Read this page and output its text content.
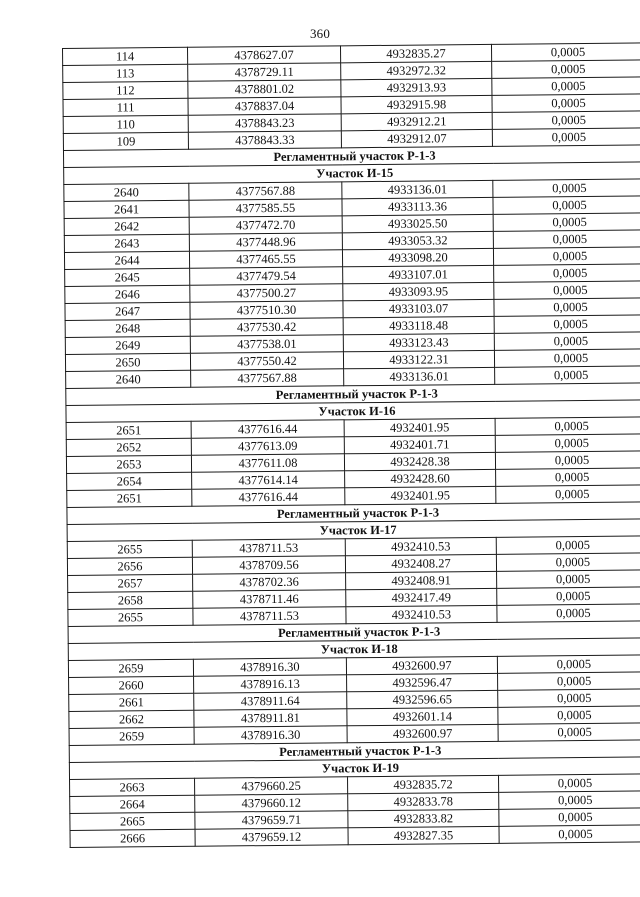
360
114	4378627.07	4932835.27	0,0005
113	4378729.11	4932972.32	0,0005
112	4378801.02	4932913.93	0,0005
111	4378837.04	4932915.98	0,0005
110	4378843.23	4932912.21	0,0005
109	4378843.33	4932912.07	0,0005
Регламентный участок Р-1-3			
Участок И-15			
2640	4377567.88	4933136.01	0,0005
2641	4377585.55	4933113.36	0,0005
2642	4377472.70	4933025.50	0,0005
2643	4377448.96	4933053.32	0,0005
2644	4377465.55	4933098.20	0,0005
2645	4377479.54	4933107.01	0,0005
2646	4377500.27	4933093.95	0,0005
2647	4377510.30	4933103.07	0,0005
2648	4377530.42	4933118.48	0,0005
2649	4377538.01	4933123.43	0,0005
2650	4377550.42	4933122.31	0,0005
2640	4377567.88	4933136.01	0,0005
Регламентный участок Р-1-3			
Участок И-16			
2651	4377616.44	4932401.95	0,0005
2652	4377613.09	4932401.71	0,0005
2653	4377611.08	4932428.38	0,0005
2654	4377614.14	4932428.60	0,0005
2651	4377616.44	4932401.95	0,0005
Регламентный участок Р-1-3			
Участок И-17			
2655	4378711.53	4932410.53	0,0005
2656	4378709.56	4932408.27	0,0005
2657	4378702.36	4932408.91	0,0005
2658	4378711.46	4932417.49	0,0005
2655	4378711.53	4932410.53	0,0005
Регламентный участок Р-1-3			
Участок И-18			
2659	4378916.30	4932600.97	0,0005
2660	4378916.13	4932596.47	0,0005
2661	4378911.64	4932596.65	0,0005
2662	4378911.81	4932601.14	0,0005
2659	4378916.30	4932600.97	0,0005
Регламентный участок Р-1-3			
Участок И-19			
2663	4379660.25	4932835.72	0,0005
2664	4379660.12	4932833.78	0,0005
2665	4379659.71	4932833.82	0,0005
2666	4379659.12	4932827.35	0,0005
